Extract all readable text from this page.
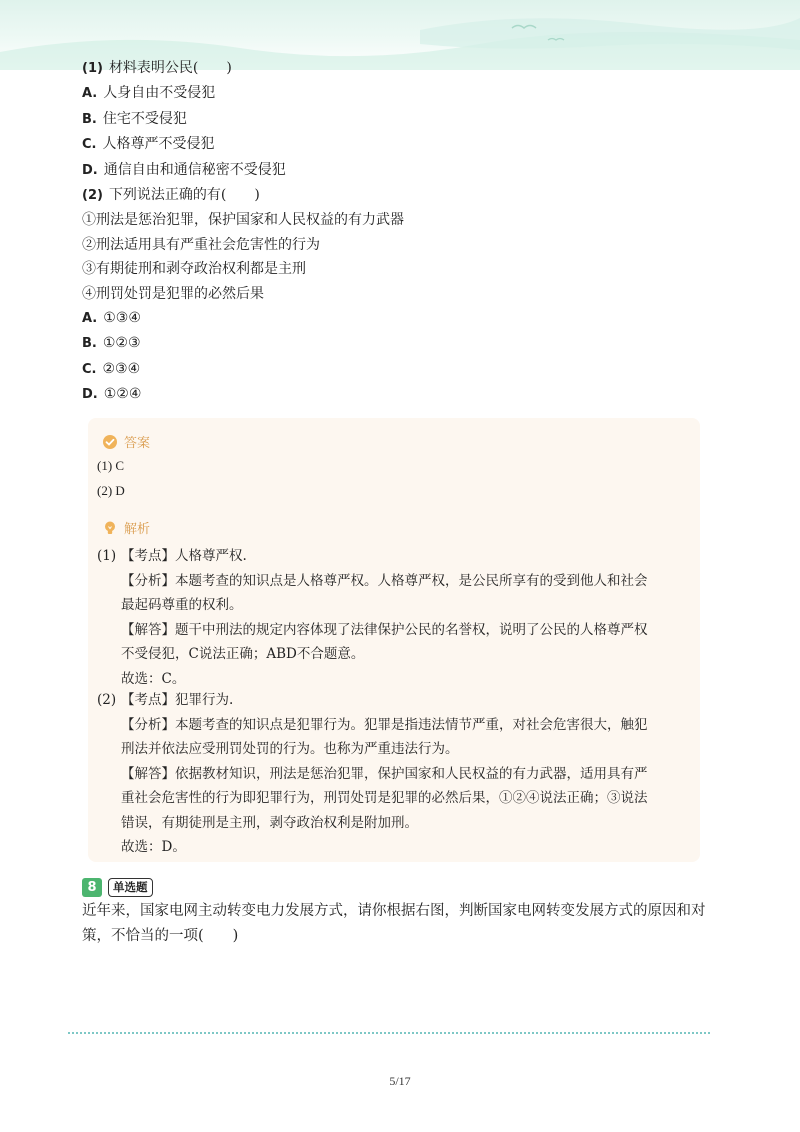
(1) 材料表明公民(　　)
A. 人身自由不受侵犯
B. 住宅不受侵犯
C. 人格尊严不受侵犯
D. 通信自由和通信秘密不受侵犯
(2) 下列说法正确的有(　　)
①刑法是惩治犯罪，保护国家和人民权益的有力武器
②刑法适用具有严重社会危害性的行为
③有期徒刑和剥夺政治权利都是主刑
④刑罚处罚是犯罪的必然后果
A. ①③④
B. ①②③
C. ②③④
D. ①②④
答案
(1) C
(2) D
解析
(1) 【考点】人格尊严权.
【分析】本题考查的知识点是人格尊严权。人格尊严权，是公民所享有的受到他人和社会
最起码尊重的权利。
【解答】题干中刑法的规定内容体现了法律保护公民的名誉权，说明了公民的人格尊严权
不受侵犯，C说法正确；ABD不合题意。
故选：C。
(2) 【考点】犯罪行为.
【分析】本题考查的知识点是犯罪行为。犯罪是指违法情节严重，对社会危害很大，触犯
刑法并依法应受刑罚处罚的行为。也称为严重违法行为。
【解答】依据教材知识，刑法是惩治犯罪，保护国家和人民权益的有力武器，适用具有严
重社会危害性的行为即犯罪行为，刑罚处罚是犯罪的必然后果，①②④说法正确；③说法
错误，有期徒刑是主刑，剥夺政治权利是附加刑。
故选：D。
8	单选题
近年来，国家电网主动转变电力发展方式，请你根据右图，判断国家电网转变发展方式的原因和对
策，不恰当的一项(　　)
5/17
